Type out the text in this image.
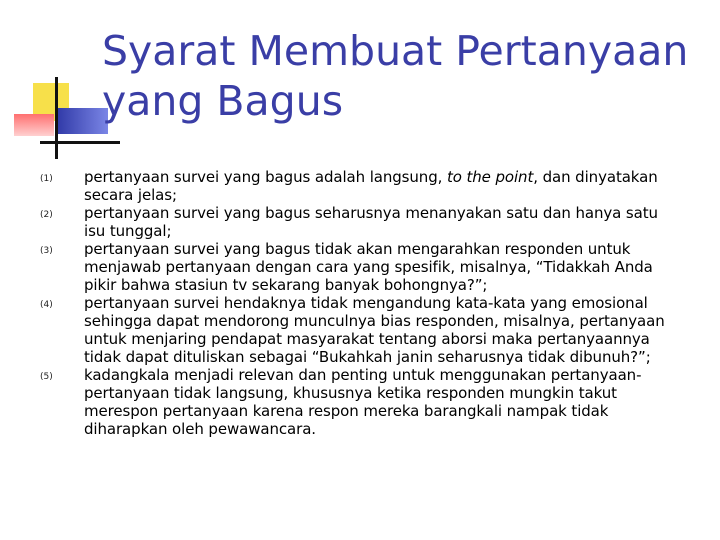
Syarat Membuat Pertanyaan
yang Bagus
(1) pertanyaan survei yang bagus adalah langsung, to the point, dan dinyatakan secara jelas;
(2) pertanyaan survei yang bagus seharusnya menanyakan satu dan hanya satu isu tunggal;
(3) pertanyaan survei yang bagus tidak akan mengarahkan responden untuk menjawab pertanyaan dengan cara yang spesifik, misalnya, “Tidakkah Anda pikir bahwa stasiun tv sekarang banyak bohongnya?”;
(4) pertanyaan survei hendaknya tidak mengandung kata-kata yang emosional sehingga dapat mendorong munculnya bias responden, misalnya, pertanyaan untuk menjaring pendapat masyarakat tentang aborsi maka pertanyaannya tidak dapat dituliskan sebagai “Bukahkah janin seharusnya tidak dibunuh?”;
(5) kadangkala menjadi relevan dan penting untuk menggunakan pertanyaan-pertanyaan tidak langsung, khususnya ketika responden mungkin takut merespon pertanyaan karena respon mereka barangkali nampak tidak diharapkan oleh pewawancara.
